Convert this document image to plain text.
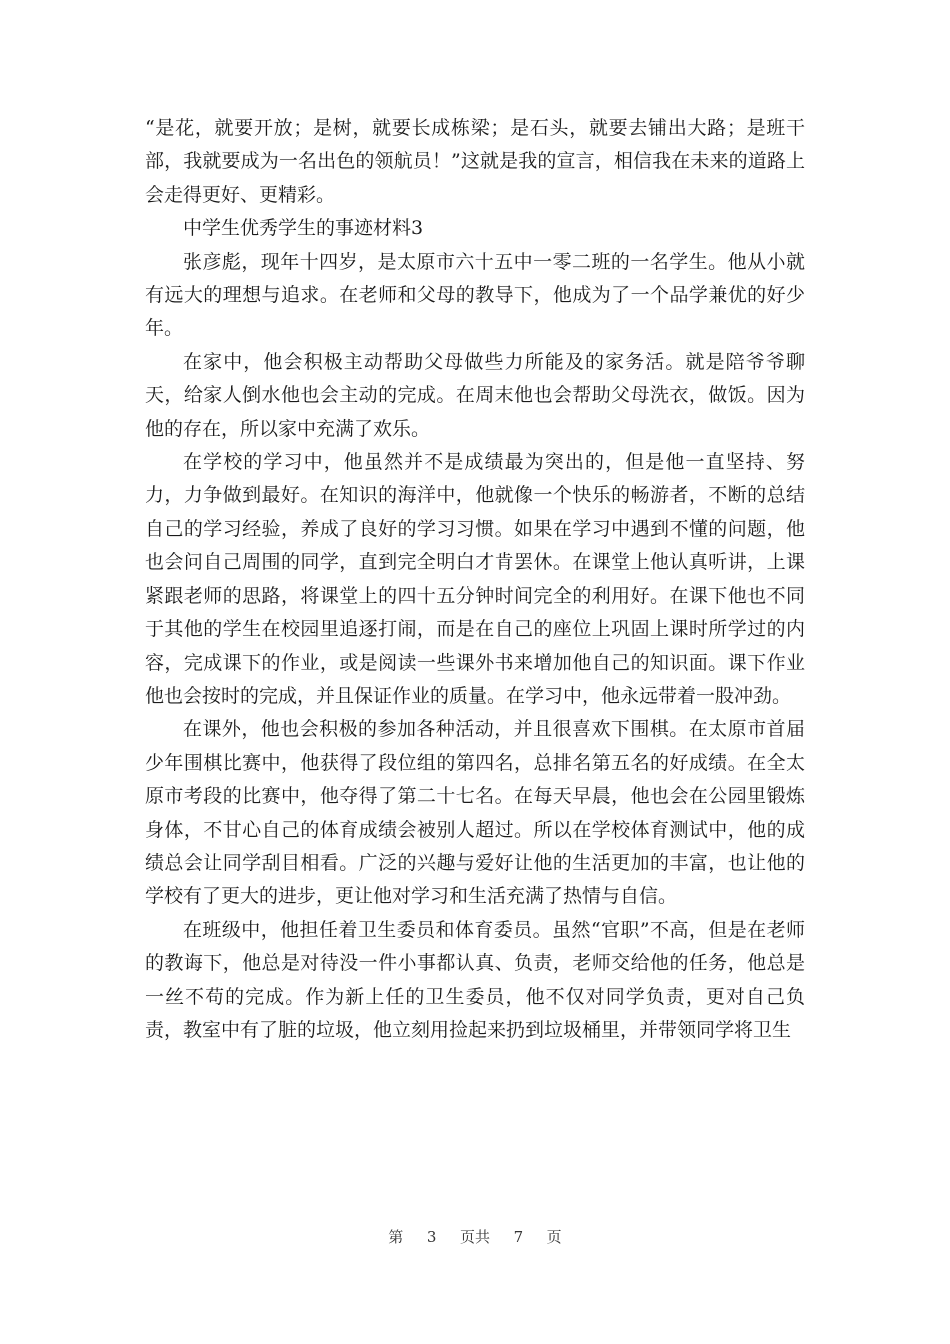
“是花，就要开放；是树，就要长成栋梁；是石头，就要去铺出大路；是班干部，我就要成为一名出色的领航员！”这就是我的宣言，相信我在未来的道路上会走得更好、更精彩。

中学生优秀学生的事迹材料3

张彦彪，现年十四岁，是太原市六十五中一零二班的一名学生。他从小就有远大的理想与追求。在老师和父母的教导下，他成为了一个品学兼优的好少年。

在家中，他会积极主动帮助父母做些力所能及的家务活。就是陪爷爷聊天，给家人倒水他也会主动的完成。在周末他也会帮助父母洗衣，做饭。因为他的存在，所以家中充满了欢乐。

在学校的学习中，他虽然并不是成绩最为突出的，但是他一直坚持、努力，力争做到最好。在知识的海洋中，他就像一个快乐的畅游者，不断的总结自己的学习经验，养成了良好的学习习惯。如果在学习中遇到不懂的问题，他也会问自己周围的同学，直到完全明白才肯罢休。在课堂上他认真听讲，上课紧跟老师的思路，将课堂上的四十五分钟时间完全的利用好。在课下他也不同于其他的学生在校园里追逐打闹，而是在自己的座位上巩固上课时所学过的内容，完成课下的作业，或是阅读一些课外书来增加他自己的知识面。课下作业他也会按时的完成，并且保证作业的质量。在学习中，他永远带着一股冲劲。

在课外，他也会积极的参加各种活动，并且很喜欢下围棋。在太原市首届少年围棋比赛中，他获得了段位组的第四名，总排名第五名的好成绩。在全太原市考段的比赛中，他夺得了第二十七名。在每天早晨，他也会在公园里锻炼身体，不甘心自己的体育成绩会被别人超过。所以在学校体育测试中，他的成绩总会让同学刮目相看。广泛的兴趣与爱好让他的生活更加的丰富，也让他的学校有了更大的进步，更让他对学习和生活充满了热情与自信。

在班级中，他担任着卫生委员和体育委员。虽然“官职”不高，但是在老师的教诲下，他总是对待没一件小事都认真、负责，老师交给他的任务，他总是一丝不苟的完成。作为新上任的卫生委员，他不仅对同学负责，更对自己负责，教室中有了脏的垃圾，他立刻用捡起来扔到垃圾桶里，并带领同学将卫生

第 3 页共 7 页
